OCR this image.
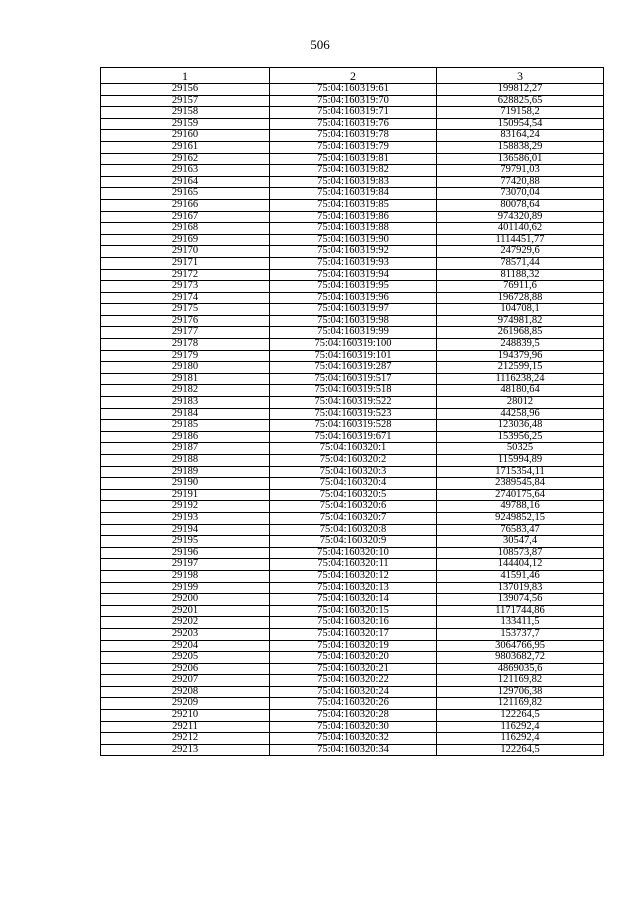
506
1	2	3
29156	75:04:160319:61	199812,27
29157	75:04:160319:70	628825,65
29158	75:04:160319:71	719158,2
29159	75:04:160319:76	150954,54
29160	75:04:160319:78	83164,24
29161	75:04:160319:79	158838,29
29162	75:04:160319:81	136586,01
29163	75:04:160319:82	79791,03
29164	75:04:160319:83	77420,88
29165	75:04:160319:84	73070,04
29166	75:04:160319:85	80078,64
29167	75:04:160319:86	974320,89
29168	75:04:160319:88	401140,62
29169	75:04:160319:90	1114451,77
29170	75:04:160319:92	247929,6
29171	75:04:160319:93	78571,44
29172	75:04:160319:94	81188,32
29173	75:04:160319:95	76911,6
29174	75:04:160319:96	196728,88
29175	75:04:160319:97	104708,1
29176	75:04:160319:98	974981,82
29177	75:04:160319:99	261968,85
29178	75:04:160319:100	248839,5
29179	75:04:160319:101	194379,96
29180	75:04:160319:287	212599,15
29181	75:04:160319:517	1116238,24
29182	75:04:160319:518	48180,64
29183	75:04:160319:522	28012
29184	75:04:160319:523	44258,96
29185	75:04:160319:528	123036,48
29186	75:04:160319:671	153956,25
29187	75:04:160320:1	50325
29188	75:04:160320:2	115994,89
29189	75:04:160320:3	1715354,11
29190	75:04:160320:4	2389545,84
29191	75:04:160320:5	2740175,64
29192	75:04:160320:6	49788,16
29193	75:04:160320:7	9249852,15
29194	75:04:160320:8	76583,47
29195	75:04:160320:9	30547,4
29196	75:04:160320:10	108573,87
29197	75:04:160320:11	144404,12
29198	75:04:160320:12	41591,46
29199	75:04:160320:13	137019,83
29200	75:04:160320:14	139074,56
29201	75:04:160320:15	1171744,86
29202	75:04:160320:16	133411,5
29203	75:04:160320:17	153737,7
29204	75:04:160320:19	3064766,95
29205	75:04:160320:20	9803682,72
29206	75:04:160320:21	4869035,6
29207	75:04:160320:22	121169,82
29208	75:04:160320:24	129706,38
29209	75:04:160320:26	121169,82
29210	75:04:160320:28	122264,5
29211	75:04:160320:30	116292,4
29212	75:04:160320:32	116292,4
29213	75:04:160320:34	122264,5
